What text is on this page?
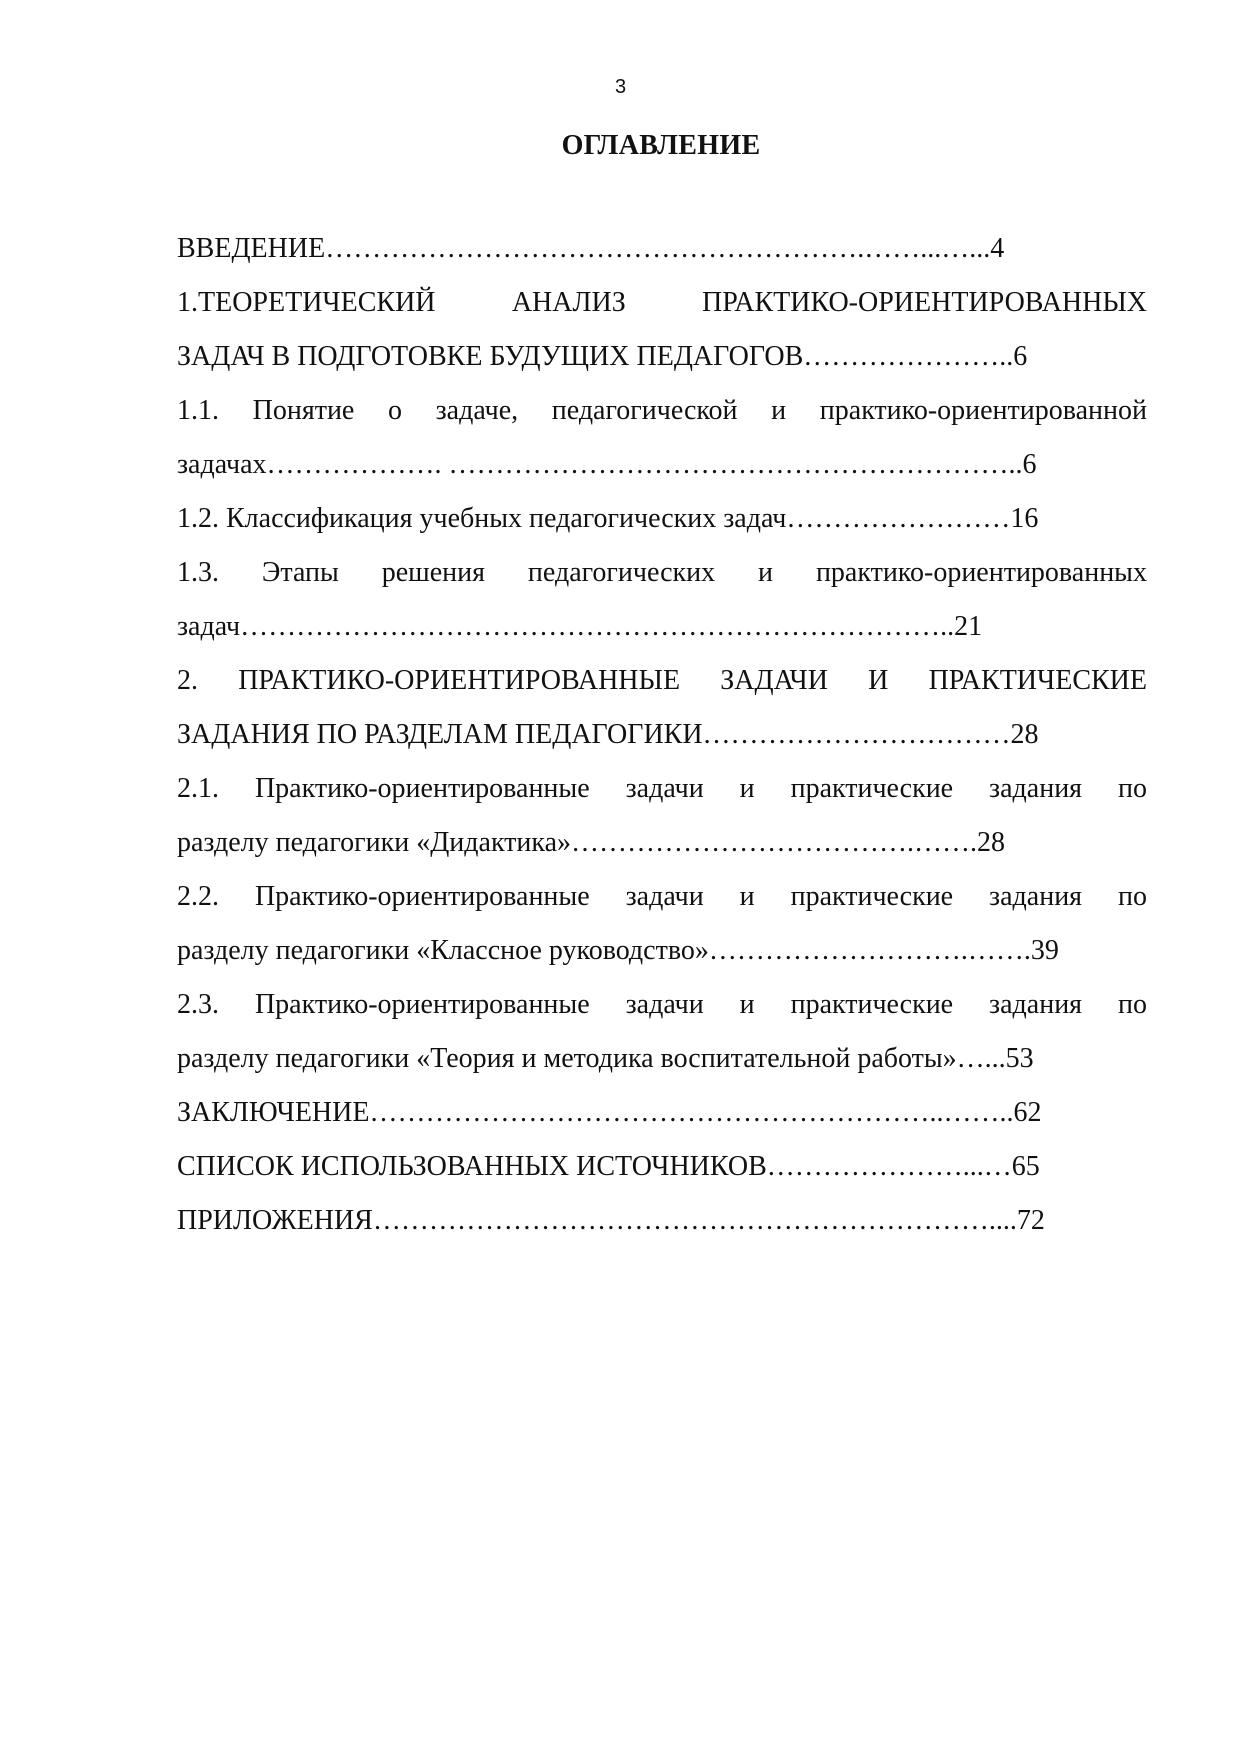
3
ОГЛАВЛЕНИЕ
ВВЕДЕНИЕ………………………………………………….……...…...4
1.ТЕОРЕТИЧЕСКИЙ АНАЛИЗ ПРАКТИКО-ОРИЕНТИРОВАННЫХ
ЗАДАЧ В ПОДГОТОВКЕ БУДУЩИХ ПЕДАГОГОВ…………………..6
1.1. Понятие о задаче, педагогической и практико-ориентированной
задачах………………. ……………………………………………………..6
1.2. Классификация учебных педагогических задач……………………16
1.3. Этапы решения педагогических и практико-ориентированных
задач…………………………………………………………………..21
2. ПРАКТИКО-ОРИЕНТИРОВАННЫЕ ЗАДАЧИ И ПРАКТИЧЕСКИЕ
ЗАДАНИЯ ПО РАЗДЕЛАМ ПЕДАГОГИКИ……………………………28
2.1. Практико-ориентированные задачи и практические задания по
разделу педагогики «Дидактика»……………………………….…….28
2.2. Практико-ориентированные задачи и практические задания по
разделу педагогики «Классное руководство»……………………….…….39
2.3. Практико-ориентированные задачи и практические задания по
разделу педагогики «Теория и методика воспитательной работы»…...53
ЗАКЛЮЧЕНИЕ……………………………………………………..……..62
СПИСОК ИСПОЛЬЗОВАННЫХ ИСТОЧНИКОВ…………………...…65
ПРИЛОЖЕНИЯ…………………………………………………………....72
